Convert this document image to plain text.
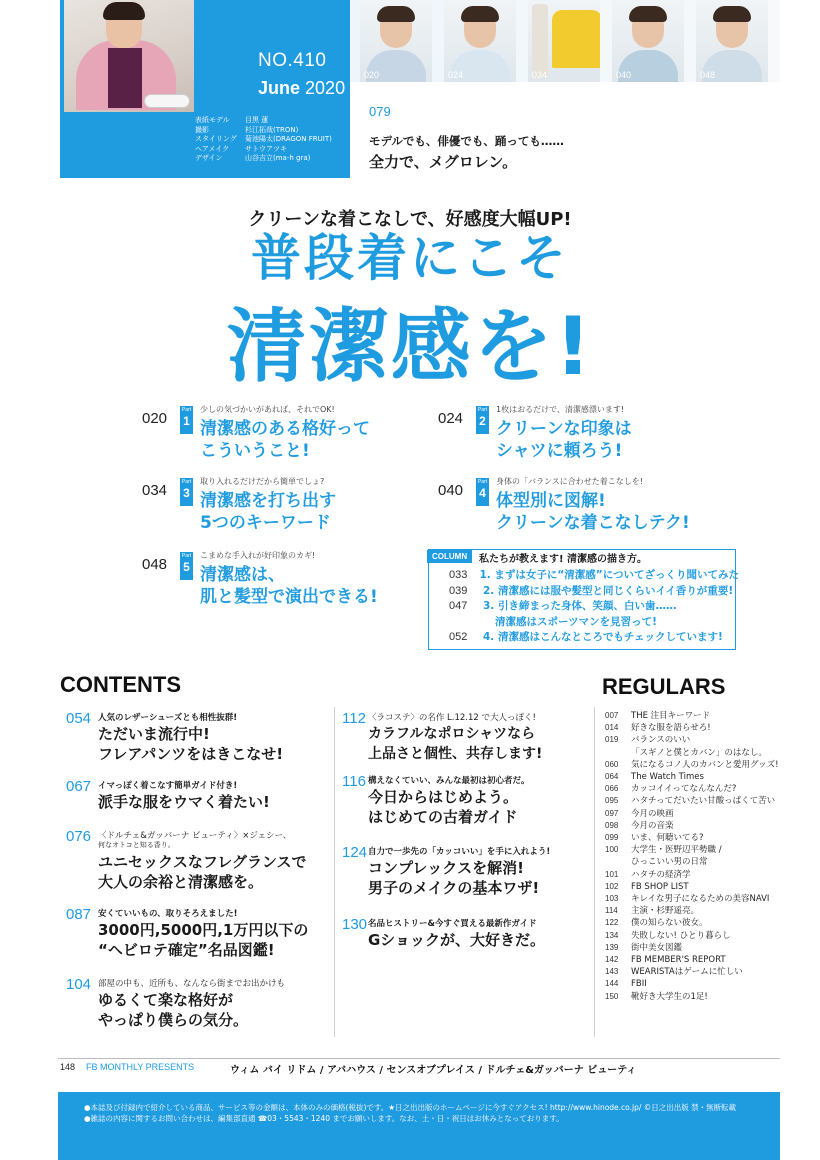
NO.410
June 2020
表紙モデル	目黒 蓮
撮影	杉江拓哉(TRON)
スタイリング	菊池陽太(DRAGON FRUIT)
ヘアメイク	サトウアツキ
デザイン	山谷吉立(ma-h gra)
020	024	034	040	048
079
モデルでも、俳優でも、踊っても……
全力で、メグロレン。
クリーンな着こなしで、好感度大幅UP!
普段着にこそ
清潔感を!
020	Part
1
少しの気づかいがあれば、それでOK!
清潔感のある格好って
こういうこと!
024	Part
2
1枚はおるだけで、清潔感漂います!
クリーンな印象は
シャツに頼ろう!
034	Part
3
取り入れるだけだから簡単でしょ?
清潔感を打ち出す
5つのキーワード
040	Part
4
身体の「バランスに合わせた着こなしを!
体型別に図解!
クリーンな着こなしテク!
048	Part
5
こまめな手入れが好印象のカギ!
清潔感は、
肌と髪型で演出できる!
COLUMN	私たちが教えます! 清潔感の描き方。
033	1. まずは女子に“清潔感”についてざっくり聞いてみた
039	2. 清潔感には服や髪型と同じくらいイイ香りが重要!
047	3. 引き締まった身体、笑顔、白い歯……
清潔感はスポーツマンを見習って!
052	4. 清潔感はこんなところでもチェックしています!
CONTENTS	REGULARS
054 人気のレザーシューズとも相性抜群!
ただいま流行中!
フレアパンツをはきこなせ!
067 イマっぽく着こなす簡単ガイド付き!
派手な服をウマく着たい!
076 〈ドルチェ&ガッバーナ ビューティ〉×ジェシー、
何なオトコと知る香り。
ユニセックスなフレグランスで
大人の余裕と清潔感を。
087 安くていいもの、取りそろえました!
3000円,5000円,1万円以下の
“ヘビロテ確定”名品図鑑!
104 部屋の中も、近所も、なんなら街までお出かけも
ゆるくて楽な格好が
やっぱり僕らの気分。
112 〈ラコステ〉の名作 L.12.12 で大人っぽく!
カラフルなポロシャツなら
上品さと個性、共存します!
116 構えなくていい、みんな最初は初心者だ。
今日からはじめよう。
はじめての古着ガイド
124 自力で一歩先の「カッコいい」を手に入れよう!
コンプレックスを解消!
男子のメイクの基本ワザ!
130 名品ヒストリー&今すぐ買える最新作ガイド
Gショックが、大好きだ。
007	THE 注目キーワード
014	好きな服を語らせろ!
019	バランスのいい
「スギノと僕とカバン」のはなし。
060	気になるコノ人のカバンと愛用グッズ!
064	The Watch Times
066	カッコイイってなんなんだ?
095	ハタチってだいたい甘酸っぱくて苦い
097	今月の映画
098	今月の音楽
099	いま、何聴いてる?
100	大学生・医野辺平勢職 /
ひっこいい男の日常
101	ハタチの経済学
102	FB SHOP LIST
103	キレイな男子になるための美容NAVI
114	主演・杉野遥亮。
122	僕の知らない彼女。
134	失敗しない! ひとり暮らし
139	街中美女図鑑
142	FB MEMBER'S REPORT
143	WEARISTAはゲームに忙しい
144	FBII
150	靴好き大学生の1足!
148 FB MONTHLY PRESENTS	ウィム バイ リドム / アバハウス / センスオブプレイス / ドルチェ&ガッバーナ ビューティ
●本誌及び付録内で紹介している商品、サービス等の金額は、本体のみの価格(税抜)です。★日之出出版のホームページに今すぐアクセス! http://www.hinode.co.jp/ ©日之出出版 禁・無断転載
●雑誌の内容に関するお問い合わせは、編集部直通 ☎03・5543・1240 までお願いします。なお、土・日・祝日はお休みとなっております。
